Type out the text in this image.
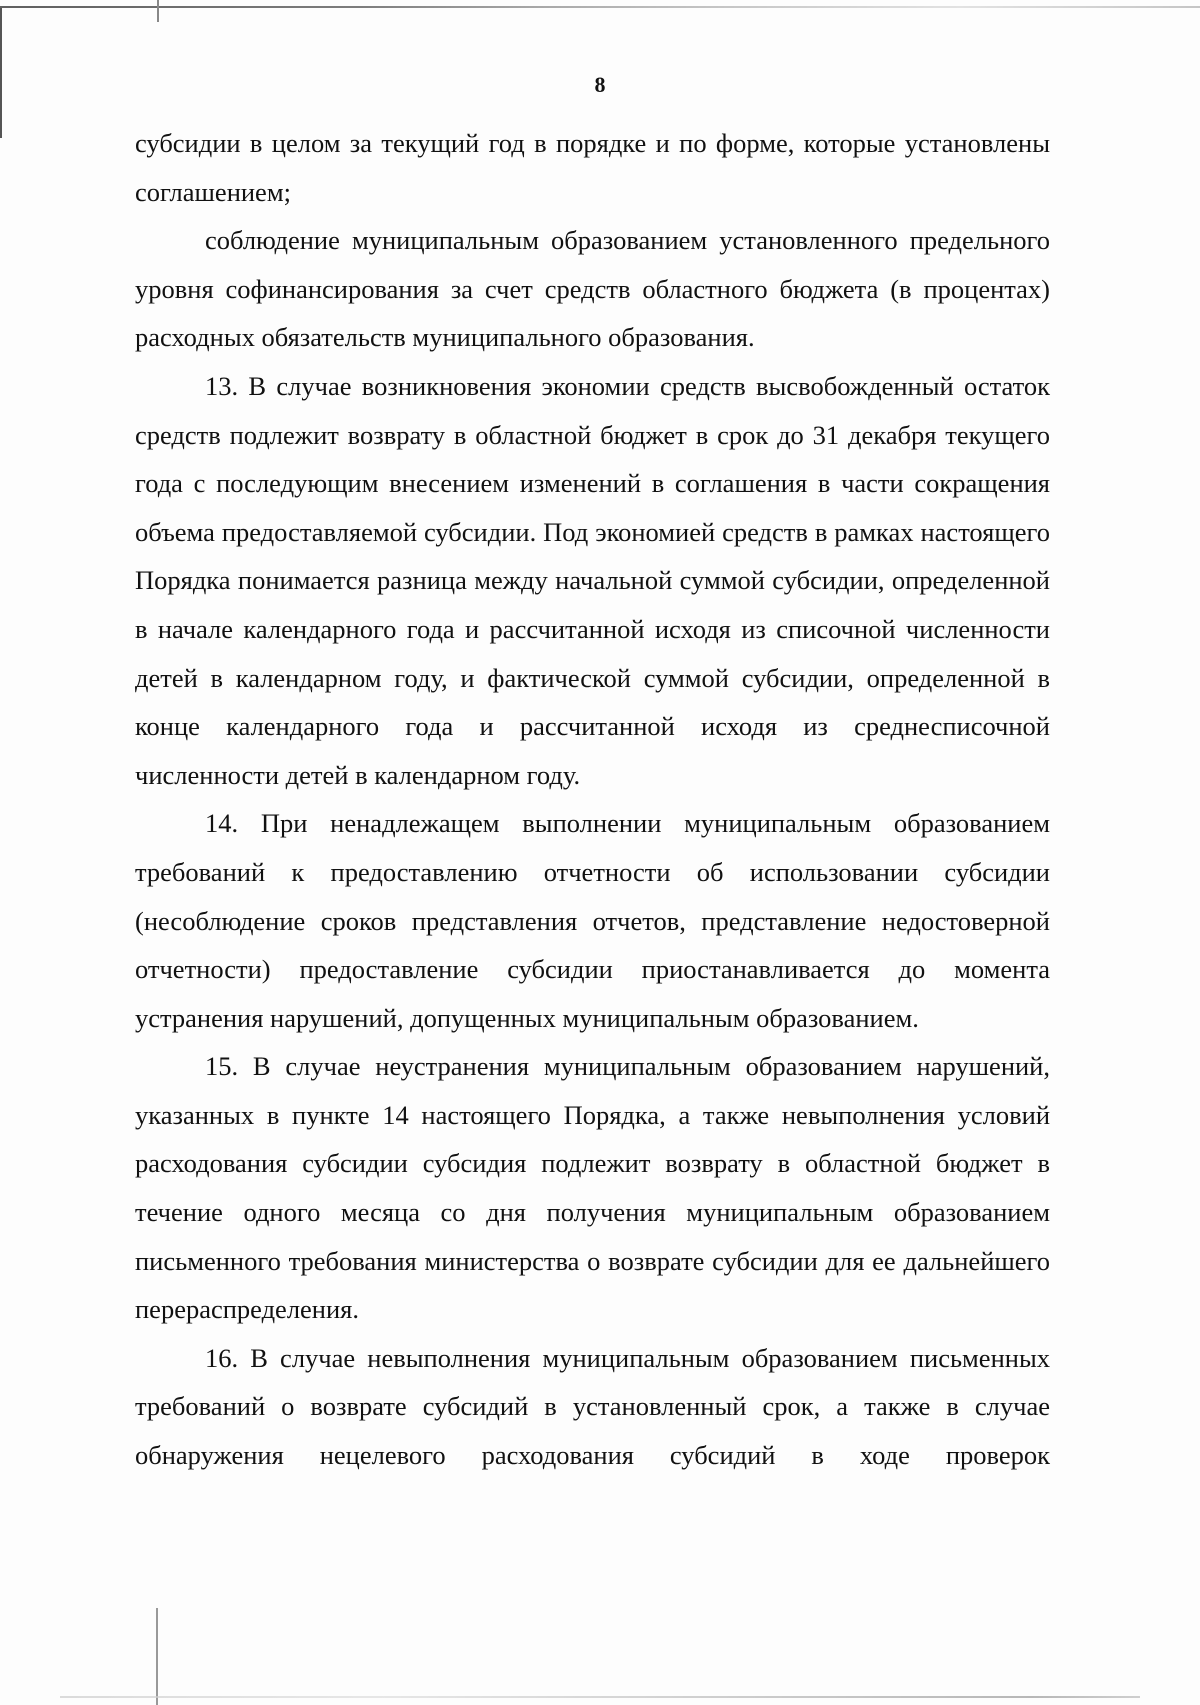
8

субсидии в целом за текущий год в порядке и по форме, которые установлены соглашением;

соблюдение муниципальным образованием установленного предельного уровня софинансирования за счет средств областного бюджета (в процентах) расходных обязательств муниципального образования.

13. В случае возникновения экономии средств высвобожденный остаток средств подлежит возврату в областной бюджет в срок до 31 декабря текущего года с последующим внесением изменений в соглашения в части сокращения объема предоставляемой субсидии. Под экономией средств в рамках настоящего Порядка понимается разница между начальной суммой субсидии, определенной в начале календарного года и рассчитанной исходя из списочной численности детей в календарном году, и фактической суммой субсидии, определенной в конце календарного года и рассчитанной исходя из среднесписочной численности детей в календарном году.

14. При ненадлежащем выполнении муниципальным образованием требований к предоставлению отчетности об использовании субсидии (несоблюдение сроков представления отчетов, представление недостоверной отчетности) предоставление субсидии приостанавливается до момента устранения нарушений, допущенных муниципальным образованием.

15. В случае неустранения муниципальным образованием нарушений, указанных в пункте 14 настоящего Порядка, а также невыполнения условий расходования субсидии субсидия подлежит возврату в областной бюджет в течение одного месяца со дня получения муниципальным образованием письменного требования министерства о возврате субсидии для ее дальнейшего перераспределения.

16. В случае невыполнения муниципальным образованием письменных требований о возврате субсидий в установленный срок, а также в случае обнаружения нецелевого расходования субсидий в ходе проверок
